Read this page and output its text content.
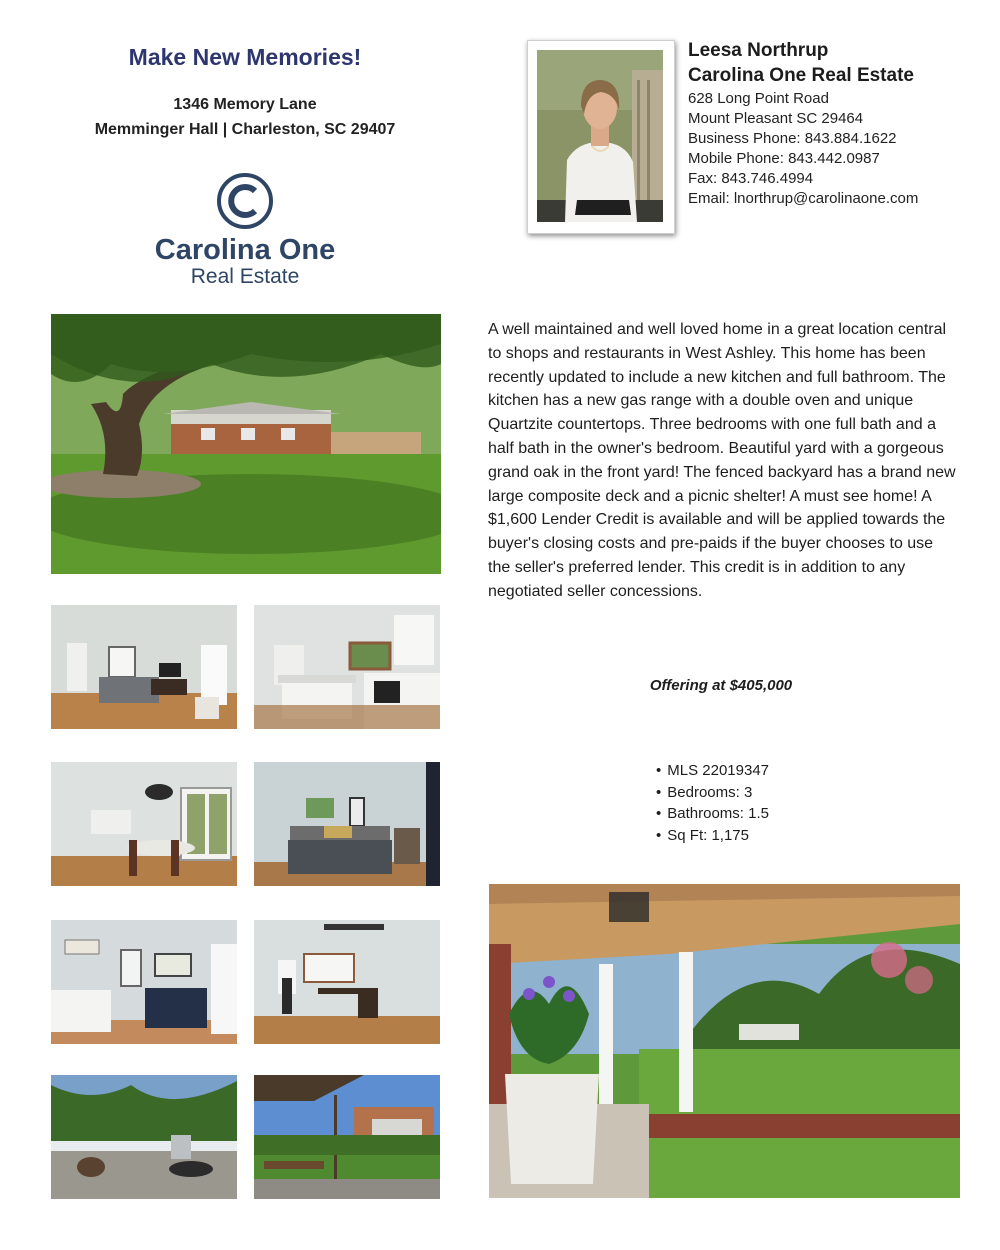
Make New Memories!
1346 Memory Lane
Memminger Hall | Charleston, SC 29407
Carolina One
Real Estate
Leesa Northrup
Carolina One Real Estate
628 Long Point Road
Mount Pleasant SC 29464
Business Phone: 843.884.1622
Mobile Phone: 843.442.0987
Fax: 843.746.4994
Email: lnorthrup@carolinaone.com
A well maintained and well loved home in a great location central to shops and restaurants in West Ashley. This home has been recently updated to include a new kitchen and full bathroom. The kitchen has a new gas range with a double oven and unique Quartzite countertops. Three bedrooms with one full bath and a half bath in the owner's bedroom. Beautiful yard with a gorgeous grand oak in the front yard! The fenced backyard has a brand new large composite deck and a picnic shelter! A must see home! A $1,600 Lender Credit is available and will be applied towards the buyer's closing costs and pre-paids if the buyer chooses to use the seller's preferred lender. This credit is in addition to any negotiated seller concessions.
Offering at $405,000
• MLS 22019347
• Bedrooms: 3
• Bathrooms: 1.5
• Sq Ft: 1,175
